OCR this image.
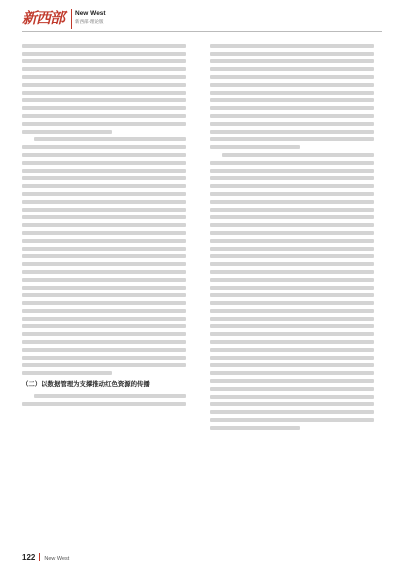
新西部 New West
新西部·理论版
（二）以数据管理为支撑推动红色资源的传播
122 New West
